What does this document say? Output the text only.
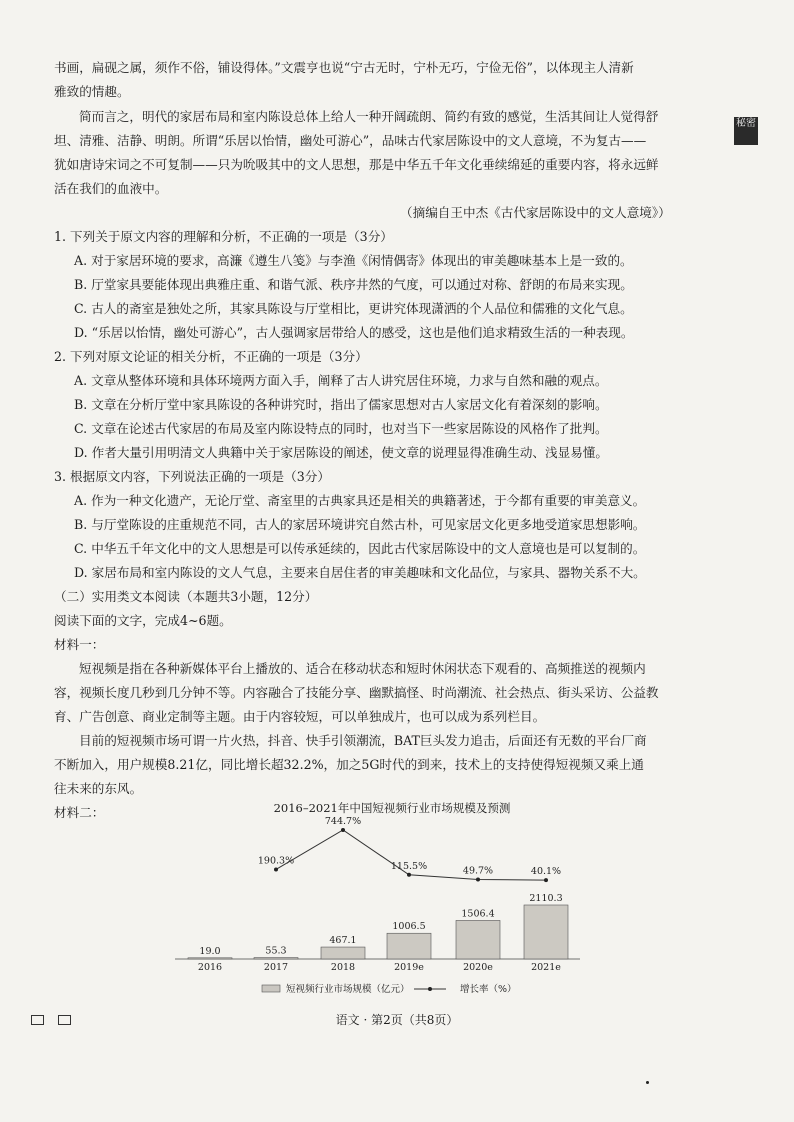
秘密
书画，扁砚之属，须作不俗，铺设得体。”文震亨也说“宁古无时，宁朴无巧，宁俭无俗”，以体现主人清新
雅致的情趣。
简而言之，明代的家居布局和室内陈设总体上给人一种开阔疏朗、简约有致的感觉，生活其间让人觉得舒
坦、清雅、洁静、明朗。所谓“乐居以怡情，幽处可游心”，品味古代家居陈设中的文人意境，不为复古——
犹如唐诗宋词之不可复制——只为吮吸其中的文人思想，那是中华五千年文化垂续绵延的重要内容，将永远鲜
活在我们的血液中。
（摘编自王中杰《古代家居陈设中的文人意境》）
1. 下列关于原文内容的理解和分析，不正确的一项是（3分）
A. 对于家居环境的要求，高濂《遵生八笺》与李渔《闲情偶寄》体现出的审美趣味基本上是一致的。
B. 厅堂家具要能体现出典雅庄重、和谐气派、秩序井然的气度，可以通过对称、舒朗的布局来实现。
C. 古人的斋室是独处之所，其家具陈设与厅堂相比，更讲究体现潇洒的个人品位和儒雅的文化气息。
D. “乐居以怡情，幽处可游心”，古人强调家居带给人的感受，这也是他们追求精致生活的一种表现。
2. 下列对原文论证的相关分析，不正确的一项是（3分）
A. 文章从整体环境和具体环境两方面入手，阐释了古人讲究居住环境，力求与自然和融的观点。
B. 文章在分析厅堂中家具陈设的各种讲究时，指出了儒家思想对古人家居文化有着深刻的影响。
C. 文章在论述古代家居的布局及室内陈设特点的同时，也对当下一些家居陈设的风格作了批判。
D. 作者大量引用明清文人典籍中关于家居陈设的阐述，使文章的说理显得准确生动、浅显易懂。
3. 根据原文内容，下列说法正确的一项是（3分）
A. 作为一种文化遗产，无论厅堂、斋室里的古典家具还是相关的典籍著述，于今都有重要的审美意义。
B. 与厅堂陈设的庄重规范不同，古人的家居环境讲究自然古朴，可见家居文化更多地受道家思想影响。
C. 中华五千年文化中的文人思想是可以传承延续的，因此古代家居陈设中的文人意境也是可以复制的。
D. 家居布局和室内陈设的文人气息，主要来自居住者的审美趣味和文化品位，与家具、器物关系不大。
（二）实用类文本阅读（本题共3小题，12分）
阅读下面的文字，完成4~6题。
材料一：
短视频是指在各种新媒体平台上播放的、适合在移动状态和短时休闲状态下观看的、高频推送的视频内
容，视频长度几秒到几分钟不等。内容融合了技能分享、幽默搞怪、时尚潮流、社会热点、街头采访、公益教
育、广告创意、商业定制等主题。由于内容较短，可以单独成片，也可以成为系列栏目。
目前的短视频市场可谓一片火热，抖音、快手引领潮流，BAT巨头发力追击，后面还有无数的平台厂商
不断加入，用户规模8.21亿，同比增长超32.2%，加之5G时代的到来，技术上的支持使得短视频又乘上通
往未来的东风。
材料二：	2016–2021年中国短视频行业市场规模及预测
19.0	55.3
467.1
1006.5
1506.4
2110.3
190.3%
744.7%
115.5%	49.7%	40.1%
2016	2017	2018	2019e	2020e	2021e
短视频行业市场规模（亿元）	增长率（%）
语文 · 第2页（共8页）
